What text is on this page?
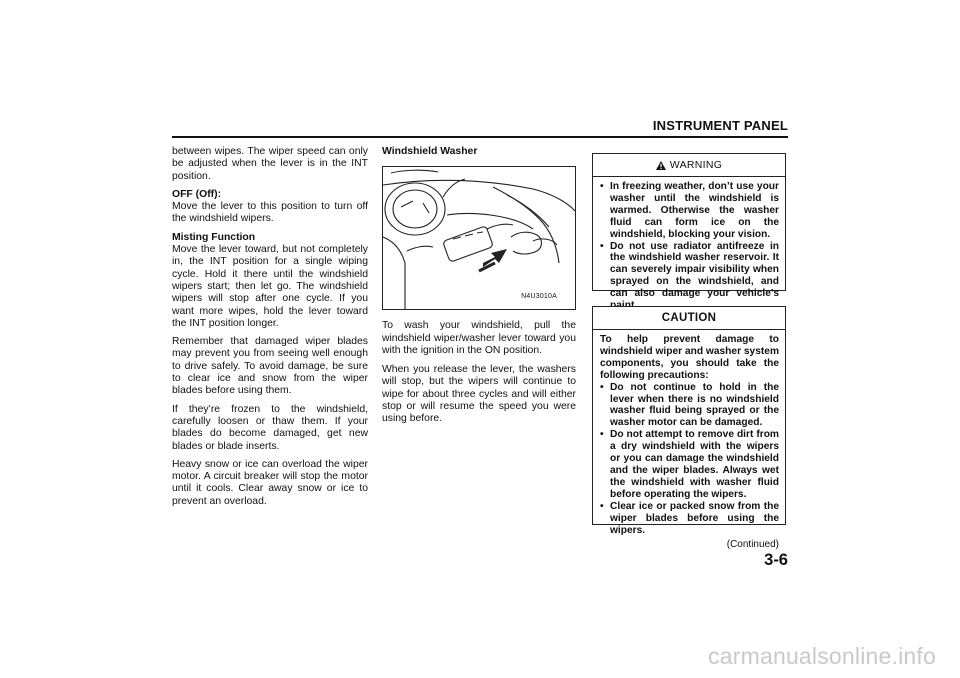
INSTRUMENT PANEL

between wipes. The wiper speed can only be adjusted when the lever is in the INT position.

OFF (Off):
Move the lever to this position to turn off the windshield wipers.

Misting Function
Move the lever toward, but not completely in, the INT position for a single wiping cycle. Hold it there until the windshield wipers start; then let go. The windshield wipers will stop after one cycle. If you want more wipes, hold the lever toward the INT position longer.

Remember that damaged wiper blades may prevent you from seeing well enough to drive safely. To avoid damage, be sure to clear ice and snow from the wiper blades before using them.

If they’re frozen to the windshield, carefully loosen or thaw them. If your blades do become damaged, get new blades or blade inserts.

Heavy snow or ice can overload the wiper motor. A circuit breaker will stop the motor until it cools. Clear away snow or ice to prevent an overload.

Windshield Washer

N4U3010A

To wash your windshield, pull the windshield wiper/washer lever toward you with the ignition in the ON position.

When you release the lever, the washers will stop, but the wipers will continue to wipe for about three cycles and will either stop or will resume the speed you were using before.

WARNING
• In freezing weather, don’t use your washer until the windshield is warmed. Otherwise the washer fluid can form ice on the windshield, blocking your vision.
• Do not use radiator antifreeze in the windshield washer reservoir. It can severely impair visibility when sprayed on the windshield, and can also damage your vehicle’s
CAUTION

To help prevent damage to windshield wiper and washer system components, you should take the following precautions:

• Do not continue to hold in the lever when there is no windshield washer fluid being sprayed or the washer motor can be damaged.
• Do not attempt to remove dirt from a dry windshield with the wipers or you can damage the windshield and the wiper blades. Always wet the windshield with washer fluid before operating the wipers.
• Clear ice or packed snow from the wiper blades before using the wipers.
(Continued)
3-6
carmanualsonline.info
